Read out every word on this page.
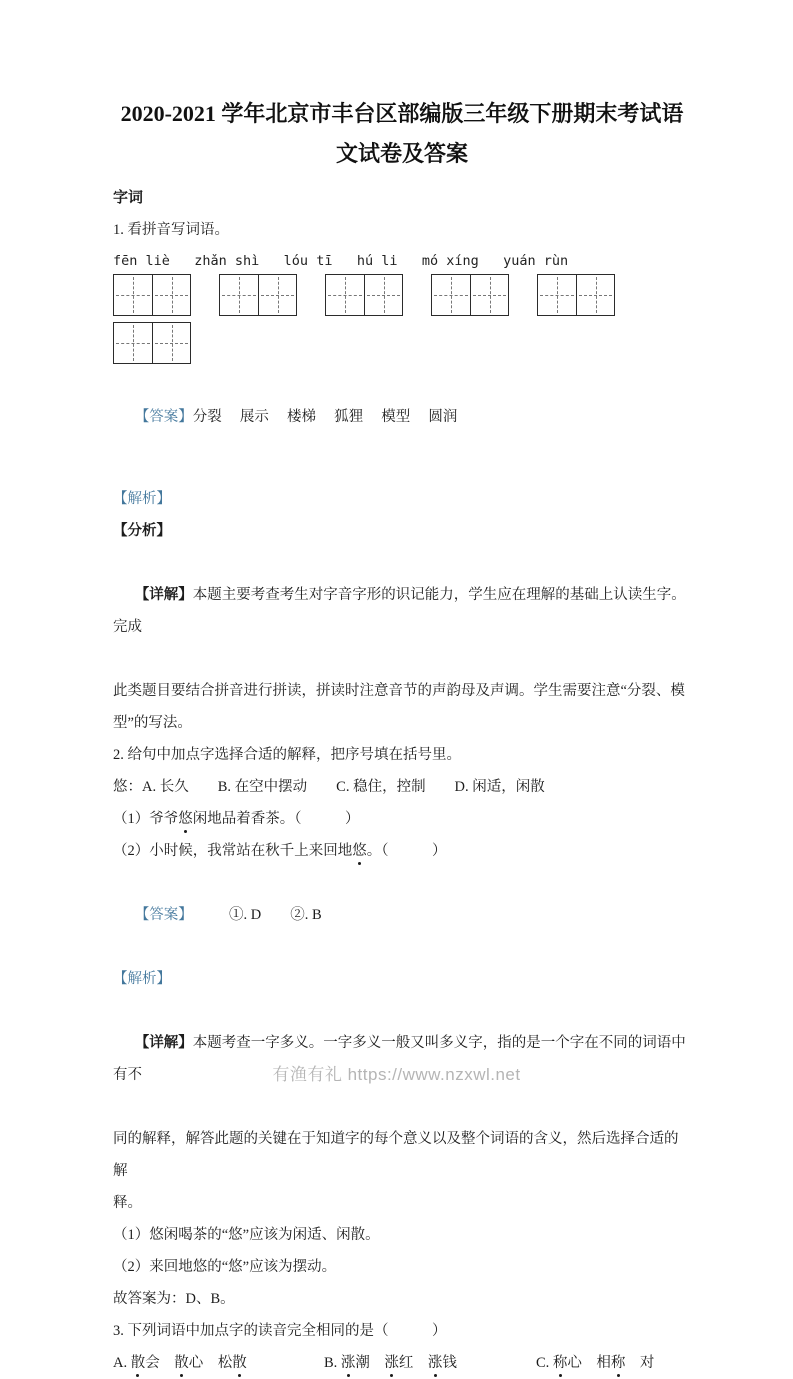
2020-2021 学年北京市丰台区部编版三年级下册期末考试语
文试卷及答案
字词
1. 看拼音写词语。
fēn liè   zhǎn shì   lóu tī   hú li   mó xíng   yuán rùn

【答案】分裂　 展示　 楼梯　 狐狸　 模型　 圆润

【解析】
【分析】

【详解】本题主要考查考生对字音字形的识记能力，学生应在理解的基础上认读生字。完成

此类题目要结合拼音进行拼读，拼读时注意音节的声韵母及声调。学生需要注意“分裂、模
型”的写法。
2. 给句中加点字选择合适的解释，把序号填在括号里。
悠：A. 长久　　B. 在空中摆动　　C. 稳住，控制　　D. 闲适，闲散
（1）爷爷悠闲地品着香茶。（　　　）
（2）小时候，我常站在秋千上来回地悠。（　　　）

【答案】　　　①. D　　②. B

【解析】

【详解】本题考查一字多义。一字多义一般又叫多义字，指的是一个字在不同的词语中有不

同的解释，解答此题的关键在于知道字的每个意义以及整个词语的含义，然后选择合适的解
释。
（1）悠闲喝茶的“悠”应该为闲适、闲散。
（2）来回地悠的“悠”应该为摆动。
故答案为：D、B。
3. 下列词语中加点字的读音完全相同的是（　　　）
A. 散会　散心　松散	B. 涨潮　涨红　涨钱	C. 称心　相称　对
有渔有礼 https://www.nzxwl.net
